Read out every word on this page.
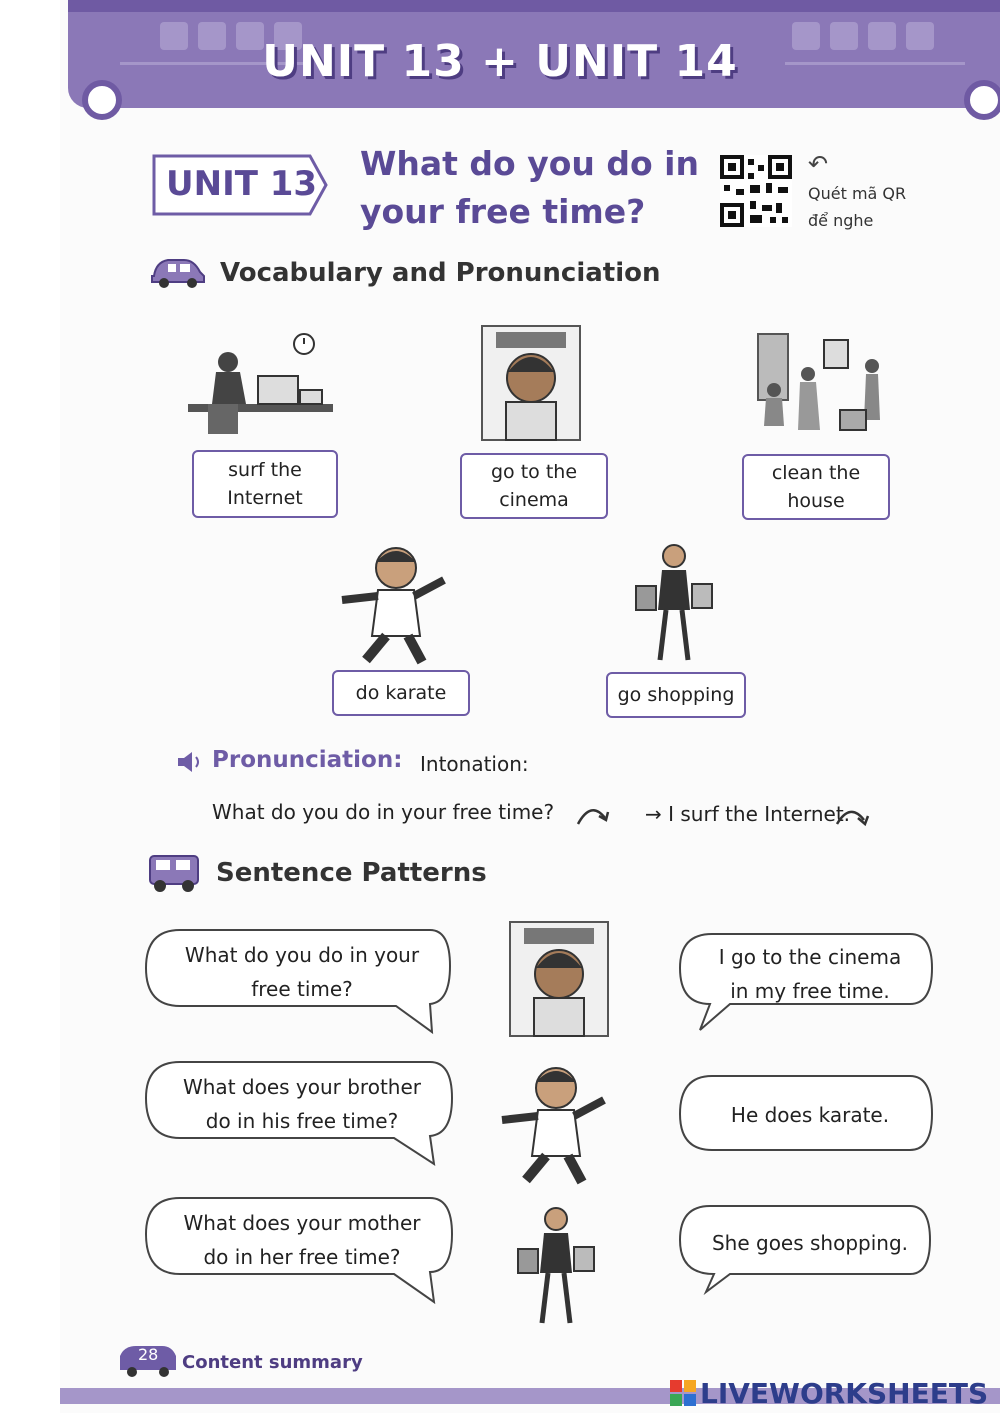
UNIT 13 + UNIT 14
UNIT 13
What do you do in
your free time?
↶
Quét mã QR
để nghe
Vocabulary and Pronunciation
surf the
Internet
go to the
cinema
clean the
house
do karate	go shopping
Pronunciation: Intonation:
What do you do in your free time?	→ I surf the Internet.
Sentence Patterns
What do you do in your
free time?
What does your brother
do in his free time?
What does your mother
do in her free time?
I go to the cinema
in my free time.
He does karate.
She goes shopping.
28 Content summary
LIVEWORKSHEETS
